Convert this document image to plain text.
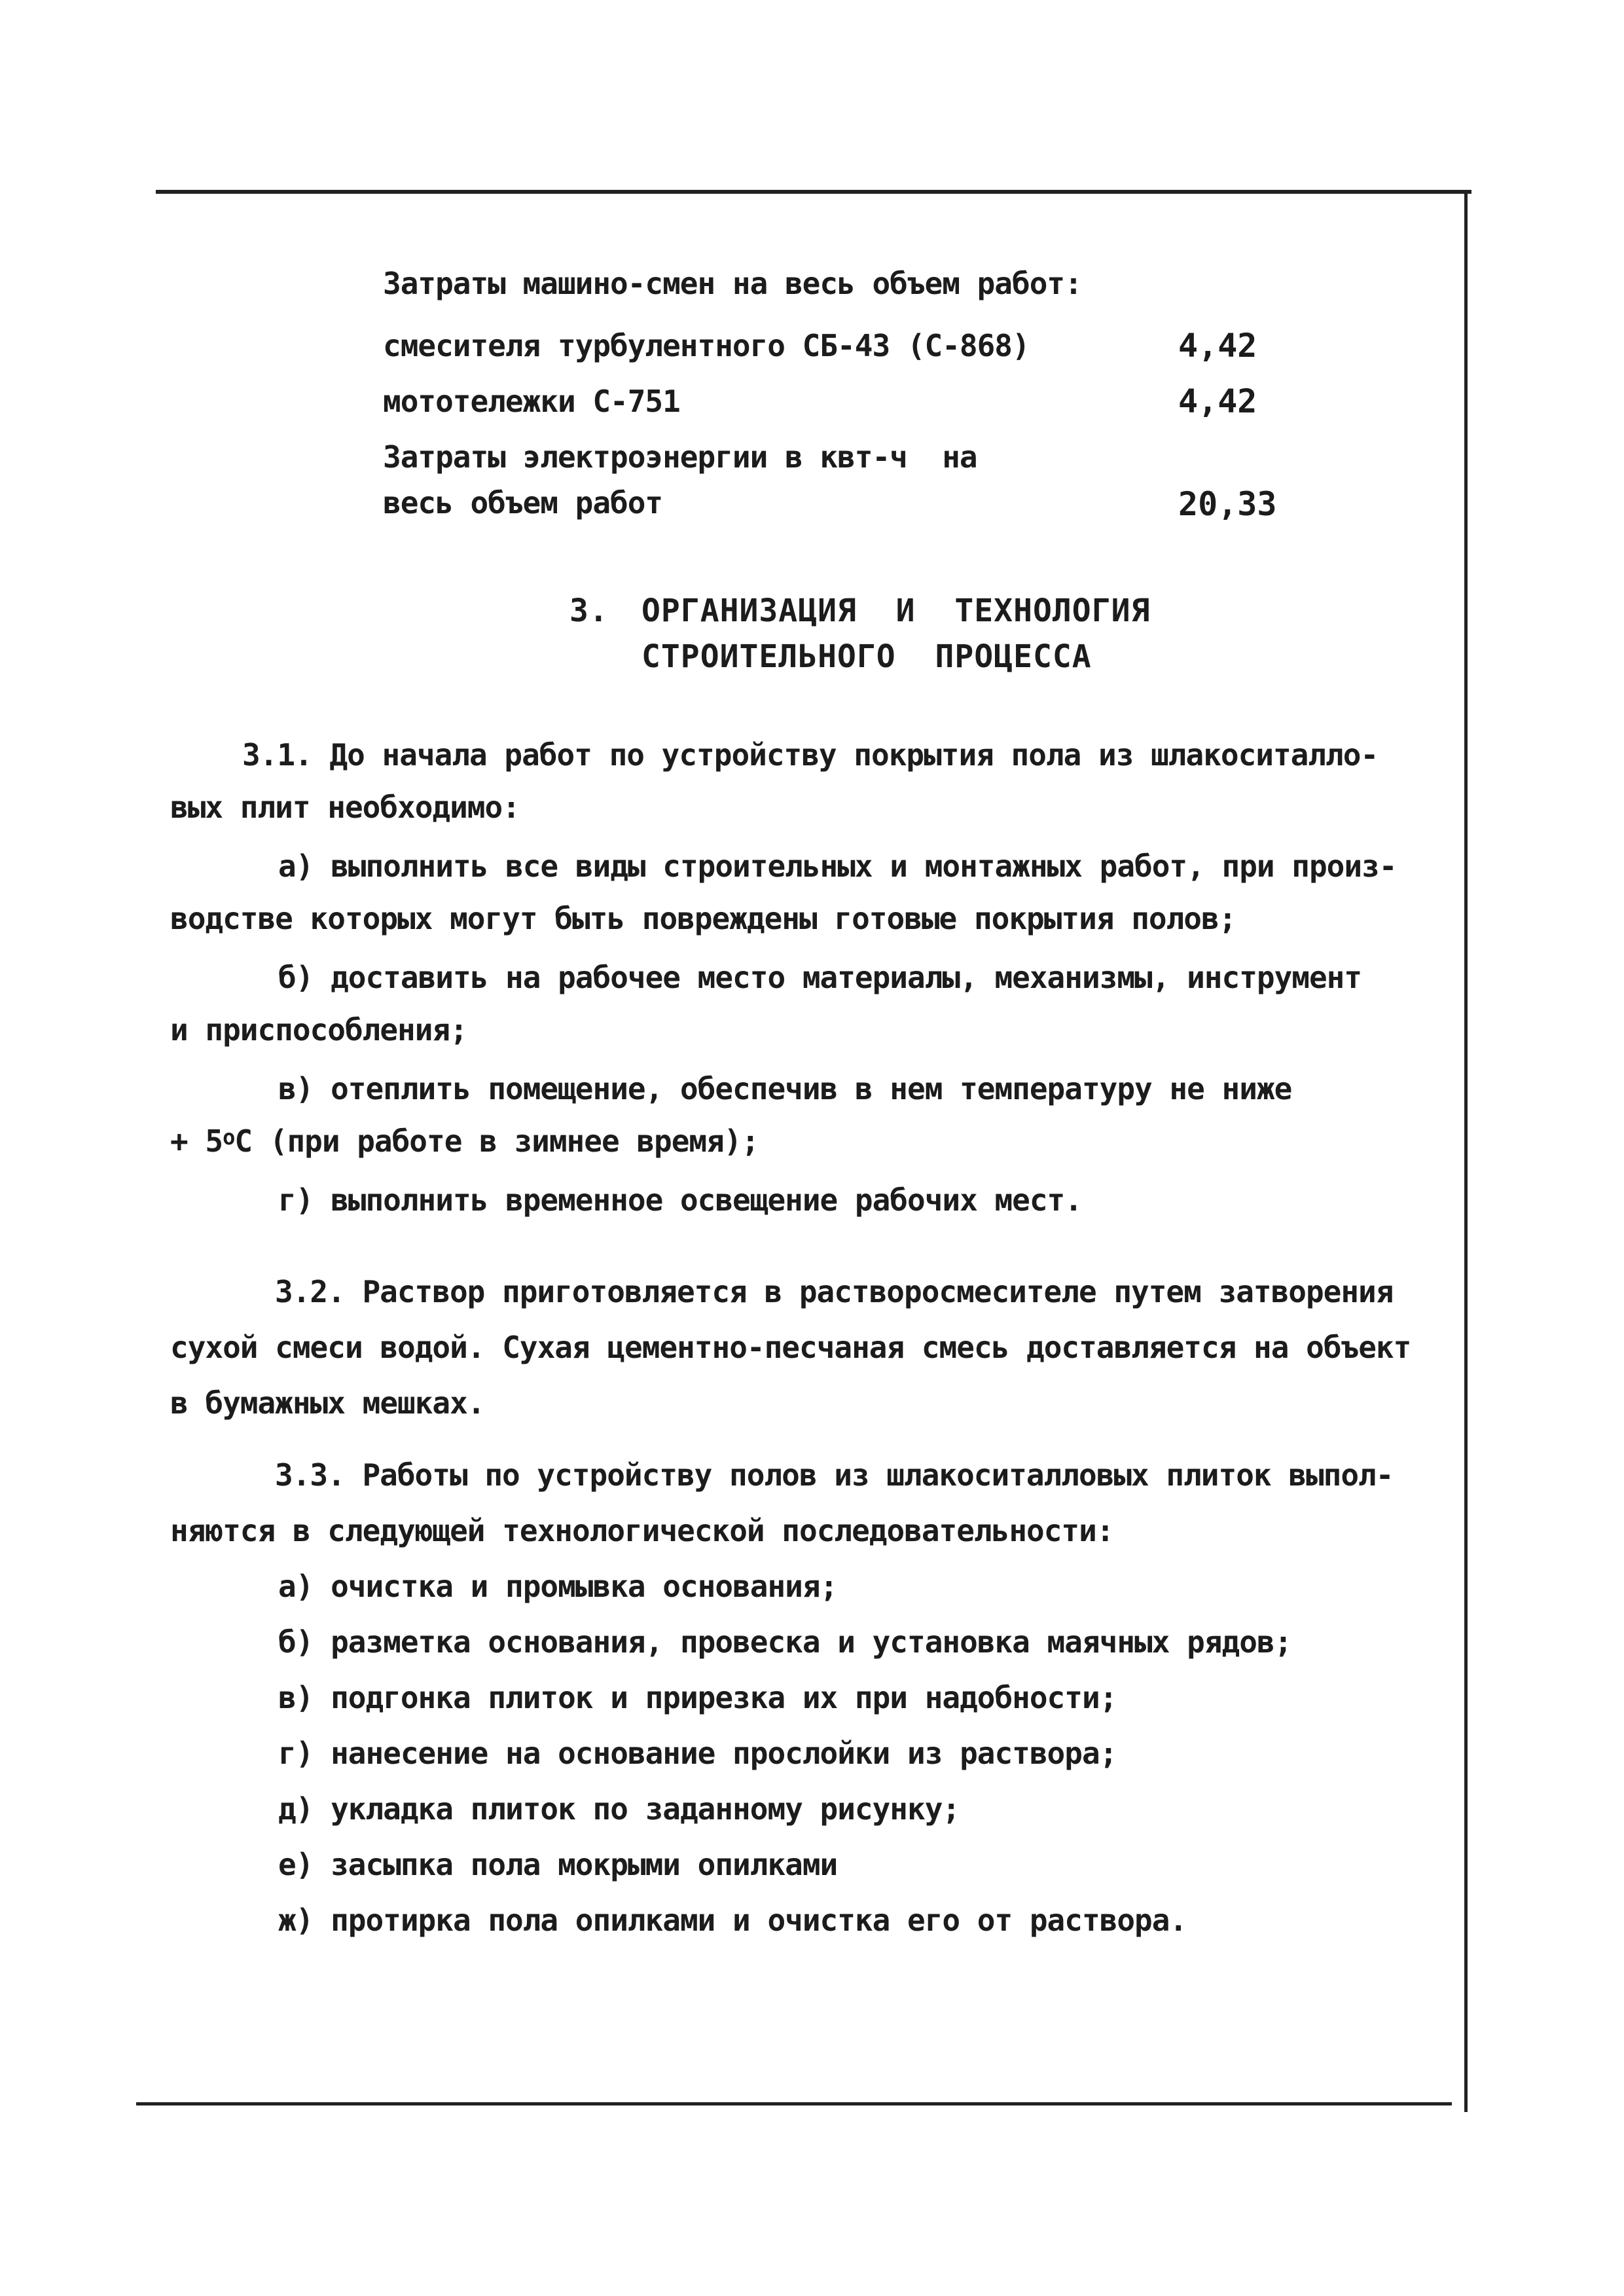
Затраты машино-смен на весь объем работ:
смесителя турбулентного СБ-43 (С-868)	4,42
мототележки С-751	4,42
Затраты электроэнергии в квт-ч  на
весь объем работ	20,33
3. ОРГАНИЗАЦИЯ  И  ТЕХНОЛОГИЯ
СТРОИТЕЛЬНОГО  ПРОЦЕССА
3.1. До начала работ по устройству покрытия пола из шлакоситалло-
вых плит необходимо:
а) выполнить все виды строительных и монтажных работ, при произ-
водстве которых могут быть повреждены готовые покрытия полов;
б) доставить на рабочее место материалы, механизмы, инструмент
и приспособления;
в) отеплить помещение, обеспечив в нем температуру не ниже
+ $5^оС$ (при работе в зимнее время);
г) выполнить временное освещение рабочих мест.
3.2. Раствор приготовляется в растворосмесителе путем затворения
сухой смеси водой. Сухая цементно-песчаная смесь доставляется на объект
в бумажных мешках.
3.3. Работы по устройству полов из шлакоситалловых плиток выпол-
няются в следующей технологической последовательности:
а) очистка и промывка основания;
б) разметка основания, провеска и установка маячных рядов;
в) подгонка плиток и прирезка их при надобности;
г) нанесение на основание прослойки из раствора;
д) укладка плиток по заданному рисунку;
е) засыпка пола мокрыми опилками
ж) протирка пола опилками и очистка его от раствора.
